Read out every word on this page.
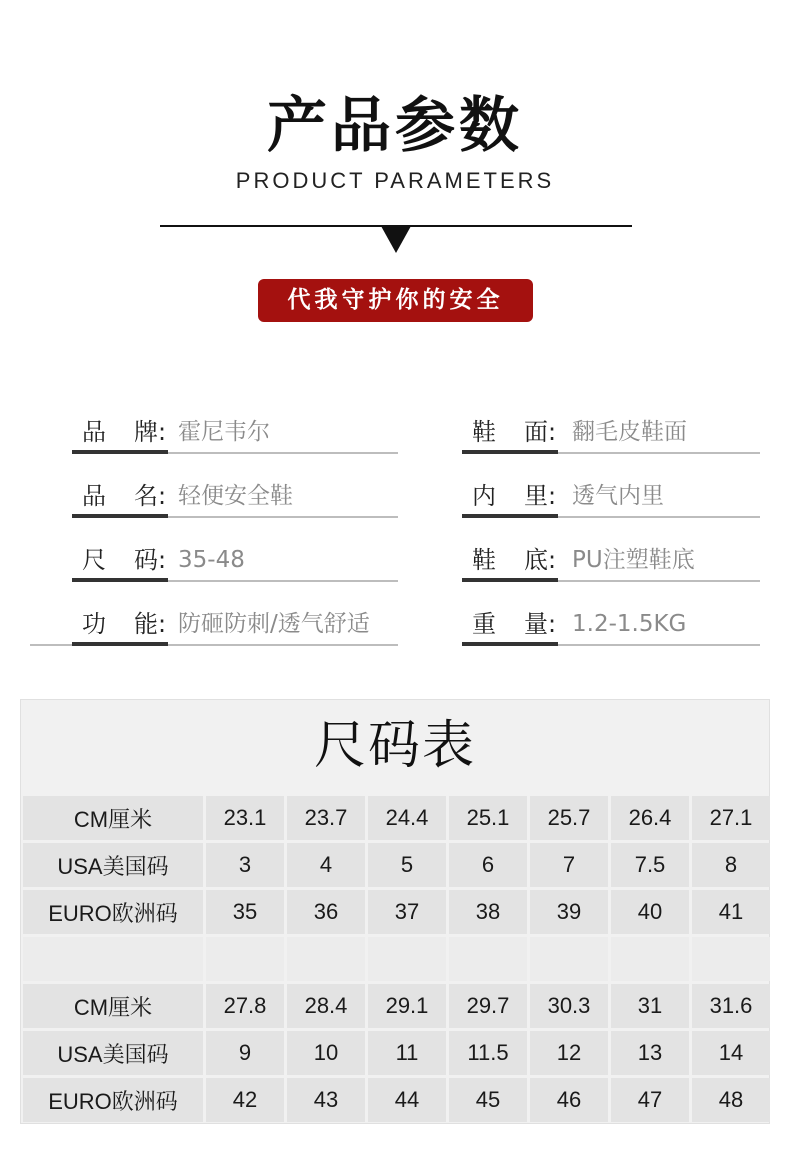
产品参数
PRODUCT PARAMETERS
代我守护你的安全
品 牌: 霍尼韦尔	鞋 面: 翻毛皮鞋面
品 名: 轻便安全鞋	内 里: 透气内里
尺 码: 35-48	鞋 底: PU注塑鞋底
功 能: 防砸防刺/透气舒适	重 量: 1.2-1.5KG
尺码表
CM厘米	23.1	23.7	24.4	25.1	25.7	26.4	27.1
USA美国码	3	4	5	6	7	7.5	8
EURO欧洲码	35	36	37	38	39	40	41

CM厘米	27.8	28.4	29.1	29.7	30.3	31	31.6
USA美国码	9	10	11	11.5	12	13	14
EURO欧洲码	42	43	44	45	46	47	48
